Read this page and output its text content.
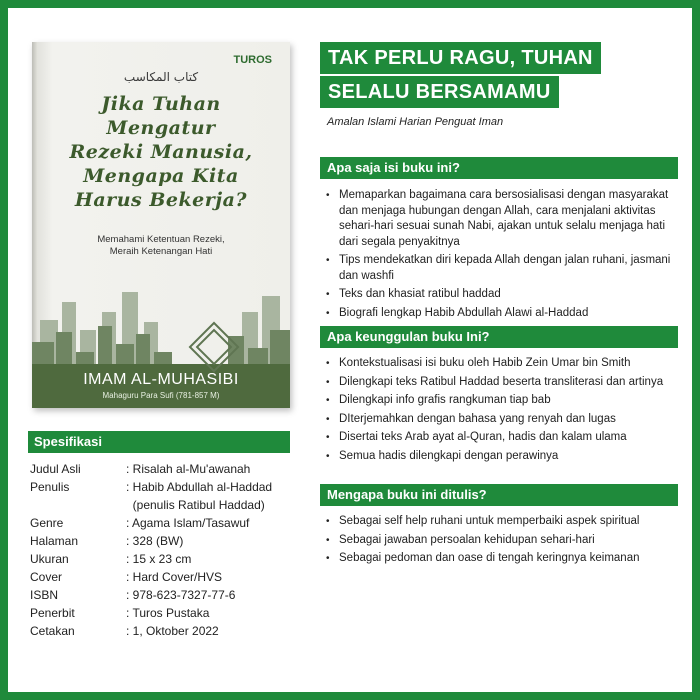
TUROS
كتاب المكاسب
Jika Tuhan
Mengatur
Rezeki Manusia,
Mengapa Kita
Harus Bekerja?
Memahami Ketentuan Rezeki,
Meraih Ketenangan Hati
IMAM AL-MUHASIBI
Mahaguru Para Sufi (781-857 M)
Spesifikasi
Judul Asli	: Risalah al-Mu'awanah
Penulis	: Habib Abdullah al-Haddad
(penulis Ratibul Haddad)
Genre	: Agama Islam/Tasawuf
Halaman	: 328 (BW)
Ukuran	: 15 x 23 cm
Cover	: Hard Cover/HVS
ISBN	: 978-623-7327-77-6
Penerbit	: Turos Pustaka
Cetakan	: 1, Oktober 2022
TAK PERLU RAGU, TUHAN
SELALU BERSAMAMU
Amalan Islami Harian Penguat Iman
Apa saja isi buku ini?
• Memaparkan bagaimana cara bersosialisasi dengan masyarakat dan menjaga hubungan dengan Allah, cara menjalani aktivitas sehari-hari sesuai sunah Nabi, ajakan untuk selalu menjaga hati dari segala penyakitnya
• Tips mendekatkan diri kepada Allah dengan jalan ruhani, jasmani dan washfi
• Teks dan khasiat ratibul haddad
• Biografi lengkap Habib Abdullah Alawi al-Haddad
Apa keunggulan buku Ini?
• Kontekstualisasi isi buku oleh Habib Zein Umar bin Smith
• Dilengkapi teks Ratibul Haddad beserta transliterasi dan artinya
• Dilengkapi info grafis rangkuman tiap bab
• DIterjemahkan dengan bahasa yang renyah dan lugas
• Disertai teks Arab ayat al-Quran, hadis dan kalam ulama
• Semua hadis dilengkapi dengan perawinya
Mengapa buku ini ditulis?
• Sebagai self help ruhani untuk memperbaiki aspek spiritual
• Sebagai jawaban persoalan kehidupan sehari-hari
• Sebagai pedoman dan oase di tengah keringnya keimanan
